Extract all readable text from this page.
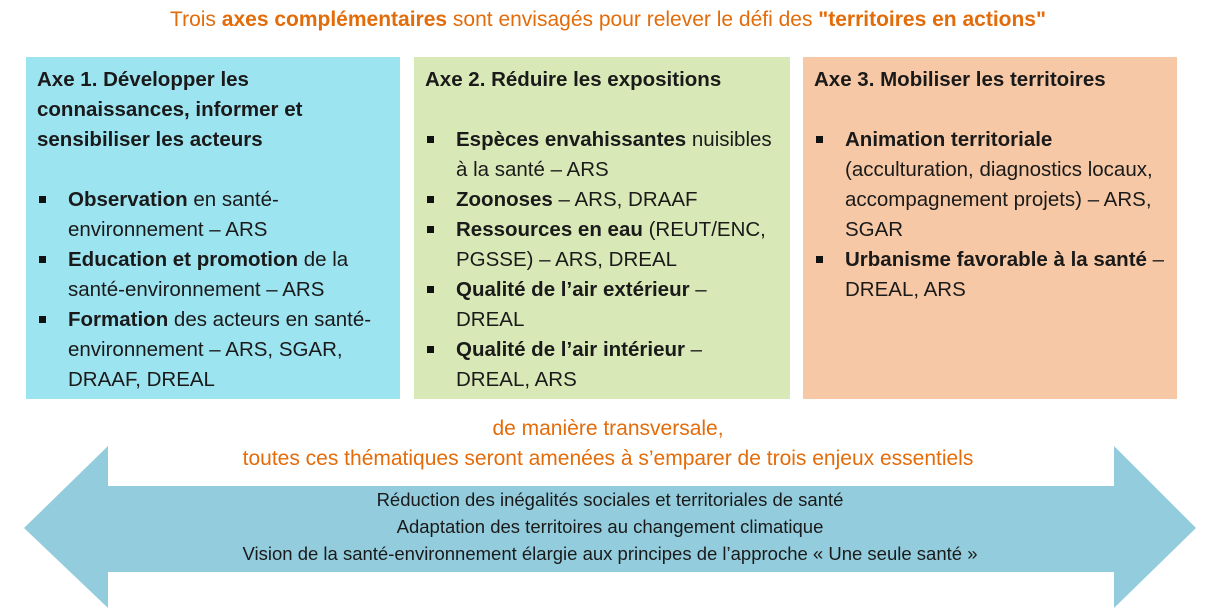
Trois axes complémentaires sont envisagés pour relever le défi des "territoires en actions"
Axe 1. Développer les connaissances, informer et sensibiliser les acteurs
Observation en santé-environnement – ARS
Education et promotion de la santé-environnement – ARS
Formation des acteurs en santé-environnement – ARS, SGAR, DRAAF, DREAL
Axe 2. Réduire les expositions
Espèces envahissantes nuisibles à la santé – ARS
Zoonoses – ARS, DRAAF
Ressources en eau (REUT/ENC, PGSSE) – ARS, DREAL
Qualité de l’air extérieur – DREAL
Qualité de l’air intérieur – DREAL, ARS
Axe 3. Mobiliser les territoires
Animation territoriale (acculturation, diagnostics locaux, accompagnement projets) – ARS, SGAR
Urbanisme favorable à la santé – DREAL, ARS
de manière transversale,
toutes ces thématiques seront amenées à s’emparer de trois enjeux essentiels
Réduction des inégalités sociales et territoriales de santé
Adaptation des territoires au changement climatique
Vision de la santé-environnement élargie aux principes de l’approche « Une seule santé »
